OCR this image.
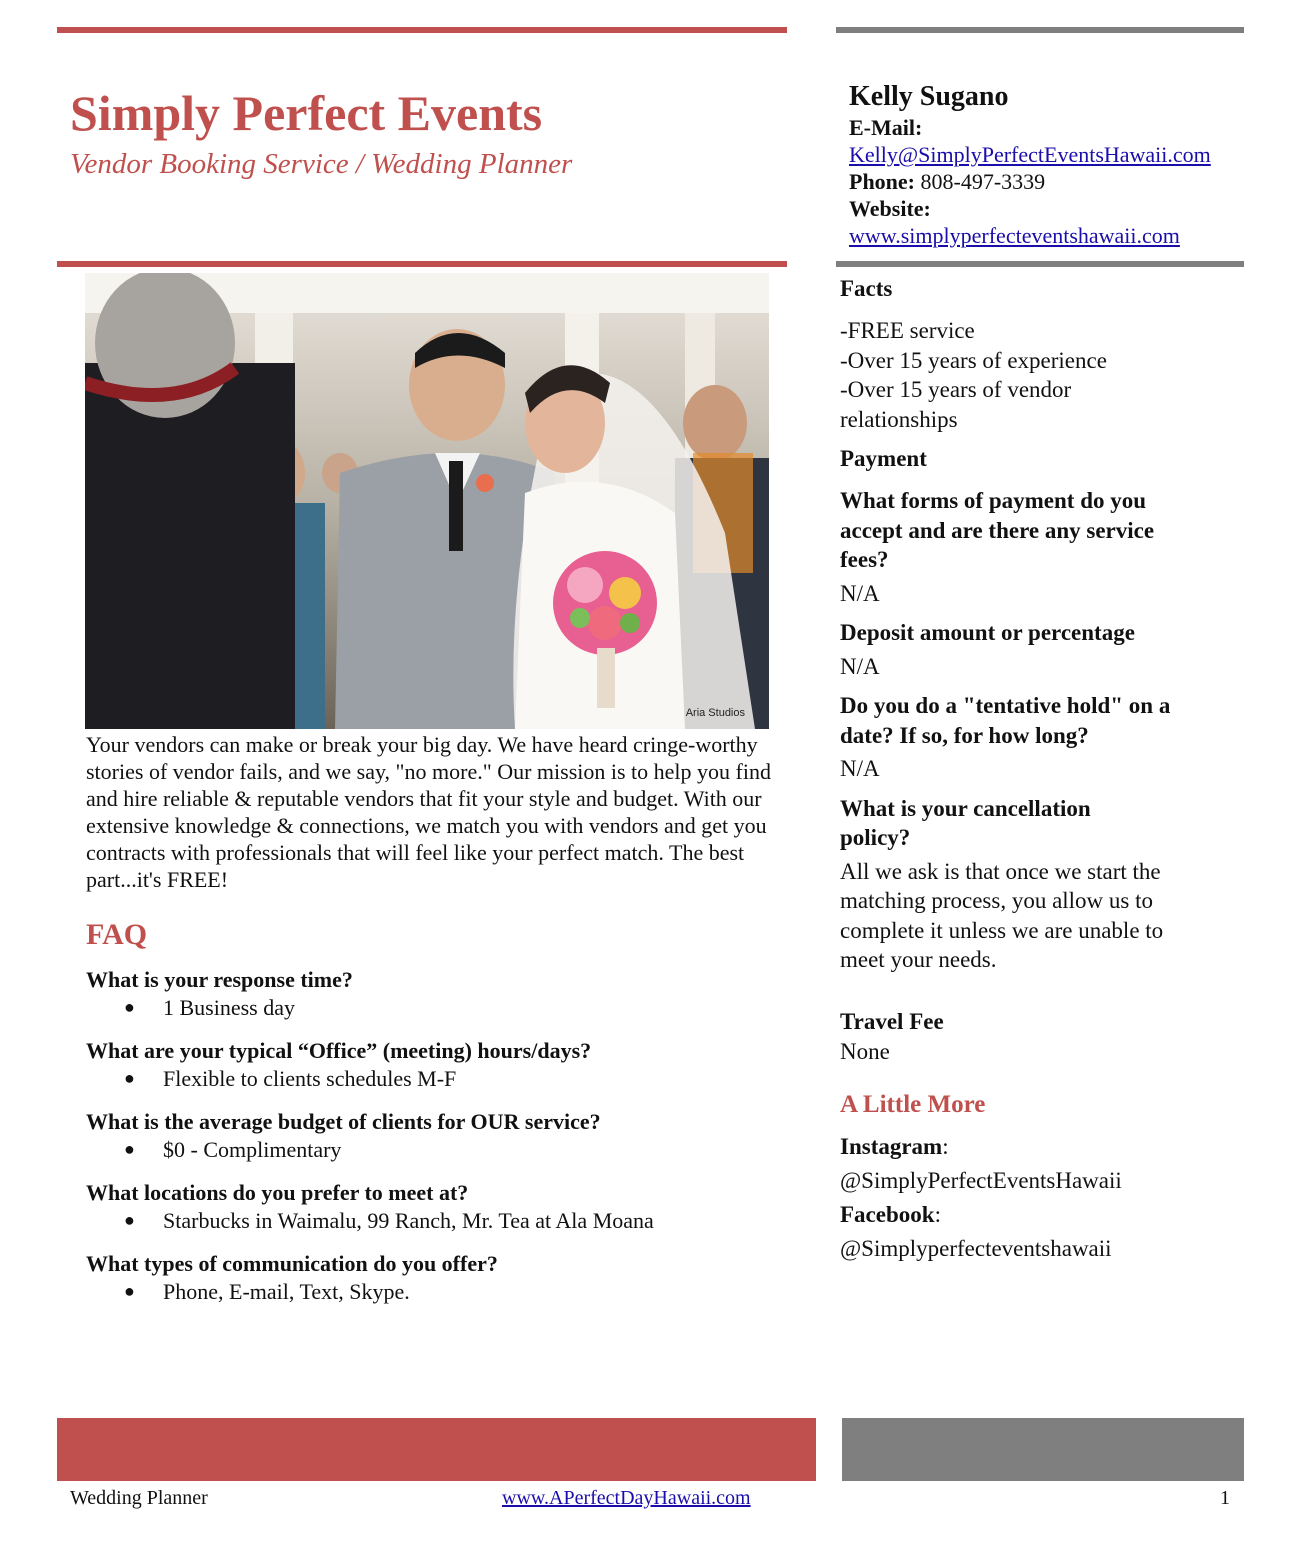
Simply Perfect Events
Vendor Booking Service / Wedding Planner
Kelly Sugano
E-Mail:
Kelly@SimplyPerfectEventsHawaii.com
Phone: 808-497-3339
Website:
www.simplyperfecteventshawaii.com
Aria Studios
Your vendors can make or break your big day. We have heard cringe-worthy stories of vendor fails, and we say, "no more." Our mission is to help you find and hire reliable & reputable vendors that fit your style and budget. With our extensive knowledge & connections, we match you with vendors and get you contracts with professionals that will feel like your perfect match. The best part...it's FREE!
FAQ
What is your response time?
● 1 Business day
What are your typical “Office” (meeting) hours/days?
● Flexible to clients schedules M-F
What is the average budget of clients for OUR service?
● $0 - Complimentary
What locations do you prefer to meet at?
● Starbucks in Waimalu, 99 Ranch, Mr. Tea at Ala Moana
What types of communication do you offer?
● Phone, E-mail, Text, Skype.
Facts
-FREE service
-Over 15 years of experience
-Over 15 years of vendor relationships
Payment
What forms of payment do you accept and are there any service fees?
N/A
Deposit amount or percentage
N/A
Do you do a "tentative hold" on a date? If so, for how long?
N/A
What is your cancellation policy?
All we ask is that once we start the matching process, you allow us to complete it unless we are unable to meet your needs.
Travel Fee
None
A Little More
Instagram:
@SimplyPerfectEventsHawaii
Facebook:
@Simplyperfecteventshawaii
Wedding Planner	www.APerfectDayHawaii.com	1
